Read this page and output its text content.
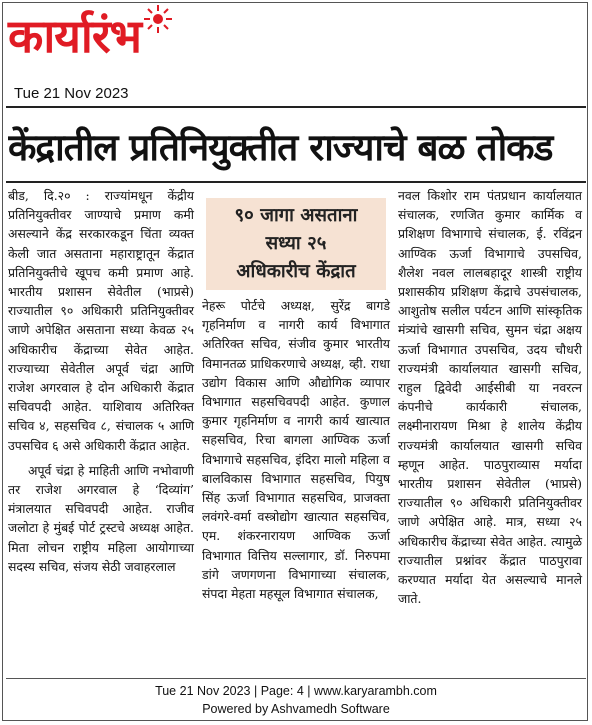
कार्यारंभ
Tue 21 Nov 2023
केंद्रातील प्रतिनियुक्तीत राज्याचे बळ तोकड

बीड, दि.२० : राज्यांमधून केंद्रीय प्रतिनियुक्तीवर जाण्याचे प्रमाण कमी असल्याने केंद्र सरकारकडून चिंता व्यक्त केली जात असताना महाराष्ट्रातून केंद्रात प्रतिनियुक्तीचे खूपच कमी प्रमाण आहे. भारतीय प्रशासन सेवेतील (भाप्रसे) राज्यातील ९० अधिकारी प्रतिनियुक्तीवर जाणे अपेक्षित असताना सध्या केवळ २५ अधिकारीच केंद्राच्या सेवेत आहेत. राज्याच्या सेवेतील अपूर्व चंद्रा आणि राजेश अगरवाल हे दोन अधिकारी केंद्रात सचिवपदी आहेत. याशिवाय अतिरिक्त सचिव ४, सहसचिव ८, संचालक ५ आणि उपसचिव ६ असे अधिकारी केंद्रात आहेत.

अपूर्व चंद्रा हे माहिती आणि नभोवाणी तर राजेश अगरवाल हे ‘दिव्यांग’ मंत्रालयात सचिवपदी आहेत. राजीव जलोटा हे मुंबई पोर्ट ट्रस्टचे अध्यक्ष आहेत. मिता लोचन राष्ट्रीय महिला आयोगाच्या सदस्य सचिव, संजय सेठी जवाहरलाल

९० जागा असताना
सध्या २५
अधिकारीच केंद्रात

नेहरू पोर्टचे अध्यक्ष, सुरेंद्र बागडे गृहनिर्माण व नागरी कार्य विभागात अतिरिक्त सचिव, संजीव कुमार भारतीय विमानतळ प्राधिकरणाचे अध्यक्ष, व्ही. राधा उद्योग विकास आणि औद्योगिक व्यापार विभागात सहसचिवपदी आहेत. कुणाल कुमार गृहनिर्माण व नागरी कार्य खात्यात सहसचिव, रिचा बागला आण्विक ऊर्जा विभागाचे सहसचिव, इंदिरा मालो महिला व बालविकास विभागात सहसचिव, पियुष सिंह ऊर्जा विभागात सहसचिव, प्राजक्ता लवंगरे-वर्मा वस्त्रोद्योग खात्यात सहसचिव, एम. शंकरनारायण आण्विक ऊर्जा विभागात वित्तिय सल्लागार, डॉ. निरुपमा डांगे जणगणना विभागाच्या संचालक, संपदा मेहता महसूल विभागात संचालक,

नवल किशोर राम पंतप्रधान कार्यालयात संचालक, रणजित कुमार कार्मिक व प्रशिक्षण विभागाचे संचालक, ई. रविंद्रन आण्विक ऊर्जा विभागाचे उपसचिव, शैलेश नवल लालबहादूर शास्त्री राष्ट्रीय प्रशासकीय प्रशिक्षण केंद्राचे उपसंचालक, आशुतोष सलील पर्यटन आणि सांस्कृतिक मंत्र्यांचे खासगी सचिव, सुमन चंद्रा अक्षय ऊर्जा विभागात उपसचिव, उदय चौधरी राज्यमंत्री कार्यालयात खासगी सचिव, राहुल द्विवेदी आईसीबी या नवरत्न कंपनीचे कार्यकारी संचालक, लक्ष्मीनारायण मिश्रा हे शालेय केंद्रीय राज्यमंत्री कार्यालयात खासगी सचिव म्हणून आहेत. पाठपुराव्यास मर्यादा भारतीय प्रशासन सेवेतील (भाप्रसे) राज्यातील ९० अधिकारी प्रतिनियुक्तीवर जाणे अपेक्षित आहे. मात्र, सध्या २५ अधिकारीच केंद्राच्या सेवेत आहेत. त्यामुळे राज्यातील प्रश्नांवर केंद्रात पाठपुरावा करण्यात मर्यादा येत असल्याचे मानले जाते.

Tue 21 Nov 2023 | Page: 4 | www.karyarambh.com
Powered by Ashvamedh Software
